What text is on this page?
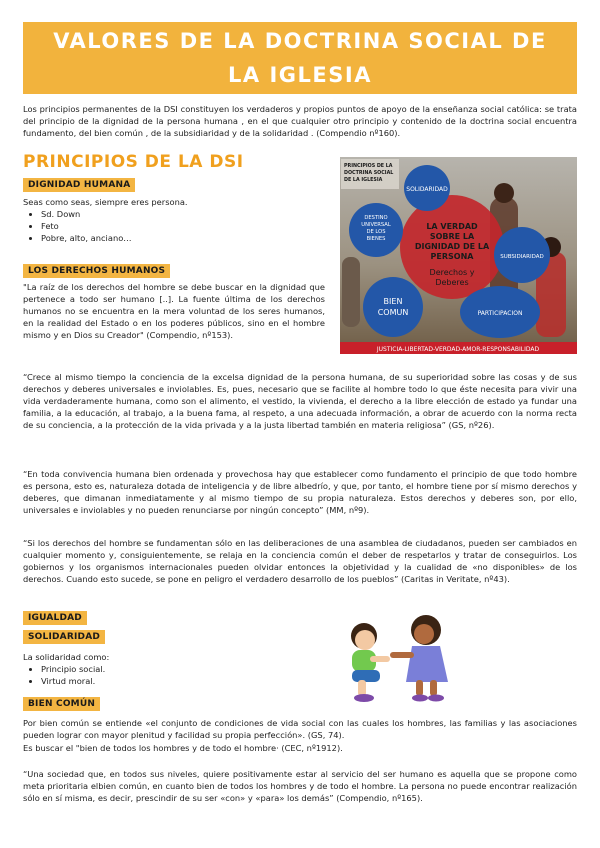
VALORES DE LA DOCTRINA SOCIAL DE LA IGLESIA

Los principios permanentes de la DSI constituyen los verdaderos y propios puntos de apoyo de la enseñanza social católica: se trata del principio de la dignidad de la persona humana , en el que cualquier otro principio y contenido de la doctrina social encuentra fundamento, del bien común , de la subsidiaridad y de la solidaridad . (Compendio nº160).

PRINCIPIOS DE LA DSI
DIGNIDAD HUMANA

Seas como seas, siempre eres persona.

• Sd. Down
• Feto
• Pobre, alto, anciano…
LOS DERECHOS HUMANOS

"La raíz de los derechos del hombre se debe buscar en la dignidad que pertenece a todo ser humano [..]. La fuente última de los derechos humanos no se encuentra en la mera voluntad de los seres humanos, en la realidad del Estado o en los poderes públicos, sino en el hombre mismo y en Dios su Creador" (Compendio, nº153).

LA VERDAD
SOBRE LA
DIGNIDAD DE LA
PERSONA
Derechos y
Deberes
SOLIDARIDAD
DESTINO
UNIVERSAL
DE LOS
BIENES
SUBSIDIARIDAD
BIEN
COMUN	PARTICIPACION
PRINCIPIOS DE LA
DOCTRINA SOCIAL
DE LA IGLESIA
JUSTICIA-LIBERTAD-VERDAD-AMOR-RESPONSABILIDAD

“Crece al mismo tiempo la conciencia de la excelsa dignidad de la persona humana, de su superioridad sobre las cosas y de sus derechos y deberes universales e inviolables. Es, pues, necesario que se facilite al hombre todo lo que éste necesita para vivir una vida verdaderamente humana, como son el alimento, el vestido, la vivienda, el derecho a la libre elección de estado ya fundar una familia, a la educación, al trabajo, a la buena fama, al respeto, a una adecuada información, a obrar de acuerdo con la norma recta de su conciencia, a la protección de la vida privada y a la justa libertad también en materia religiosa” (GS, nº26).

“En toda convivencia humana bien ordenada y provechosa hay que establecer como fundamento el principio de que todo hombre es persona, esto es, naturaleza dotada de inteligencia y de libre albedrío, y que, por tanto, el hombre tiene por sí mismo derechos y deberes, que dimanan inmediatamente y al mismo tiempo de su propia naturaleza. Estos derechos y deberes son, por ello, universales e inviolables y no pueden renunciarse por ningún concepto” (MM, nº9).

“Si los derechos del hombre se fundamentan sólo en las deliberaciones de una asamblea de ciudadanos, pueden ser cambiados en cualquier momento y, consiguientemente, se relaja en la conciencia común el deber de respetarlos y tratar de conseguirlos. Los gobiernos y los organismos internacionales pueden olvidar entonces la objetividad y la cualidad de «no disponibles» de los derechos. Cuando esto sucede, se pone en peligro el verdadero desarrollo de los pueblos” (Caritas in Veritate, nº43).

IGUALDAD
SOLIDARIDAD

La solidaridad como:

• Principio social.
• Virtud moral.
BIEN COMÚN

Por bien común se entiende «el conjunto de condiciones de vida social con las cuales los hombres, las familias y las asociaciones pueden lograr con mayor plenitud y facilidad su propia perfección». (GS, 74).

Es buscar el "bien de todos los hombres y de todo el hombre· (CEC, nº1912).

“Una sociedad que, en todos sus niveles, quiere positivamente estar al servicio del ser humano es aquella que se propone como meta prioritaria elbien común, en cuanto bien de todos los hombres y de todo el hombre. La persona no puede encontrar realización sólo en sí misma, es decir, prescindir de su ser «con» y «para» los demás” (Compendio, nº165).
